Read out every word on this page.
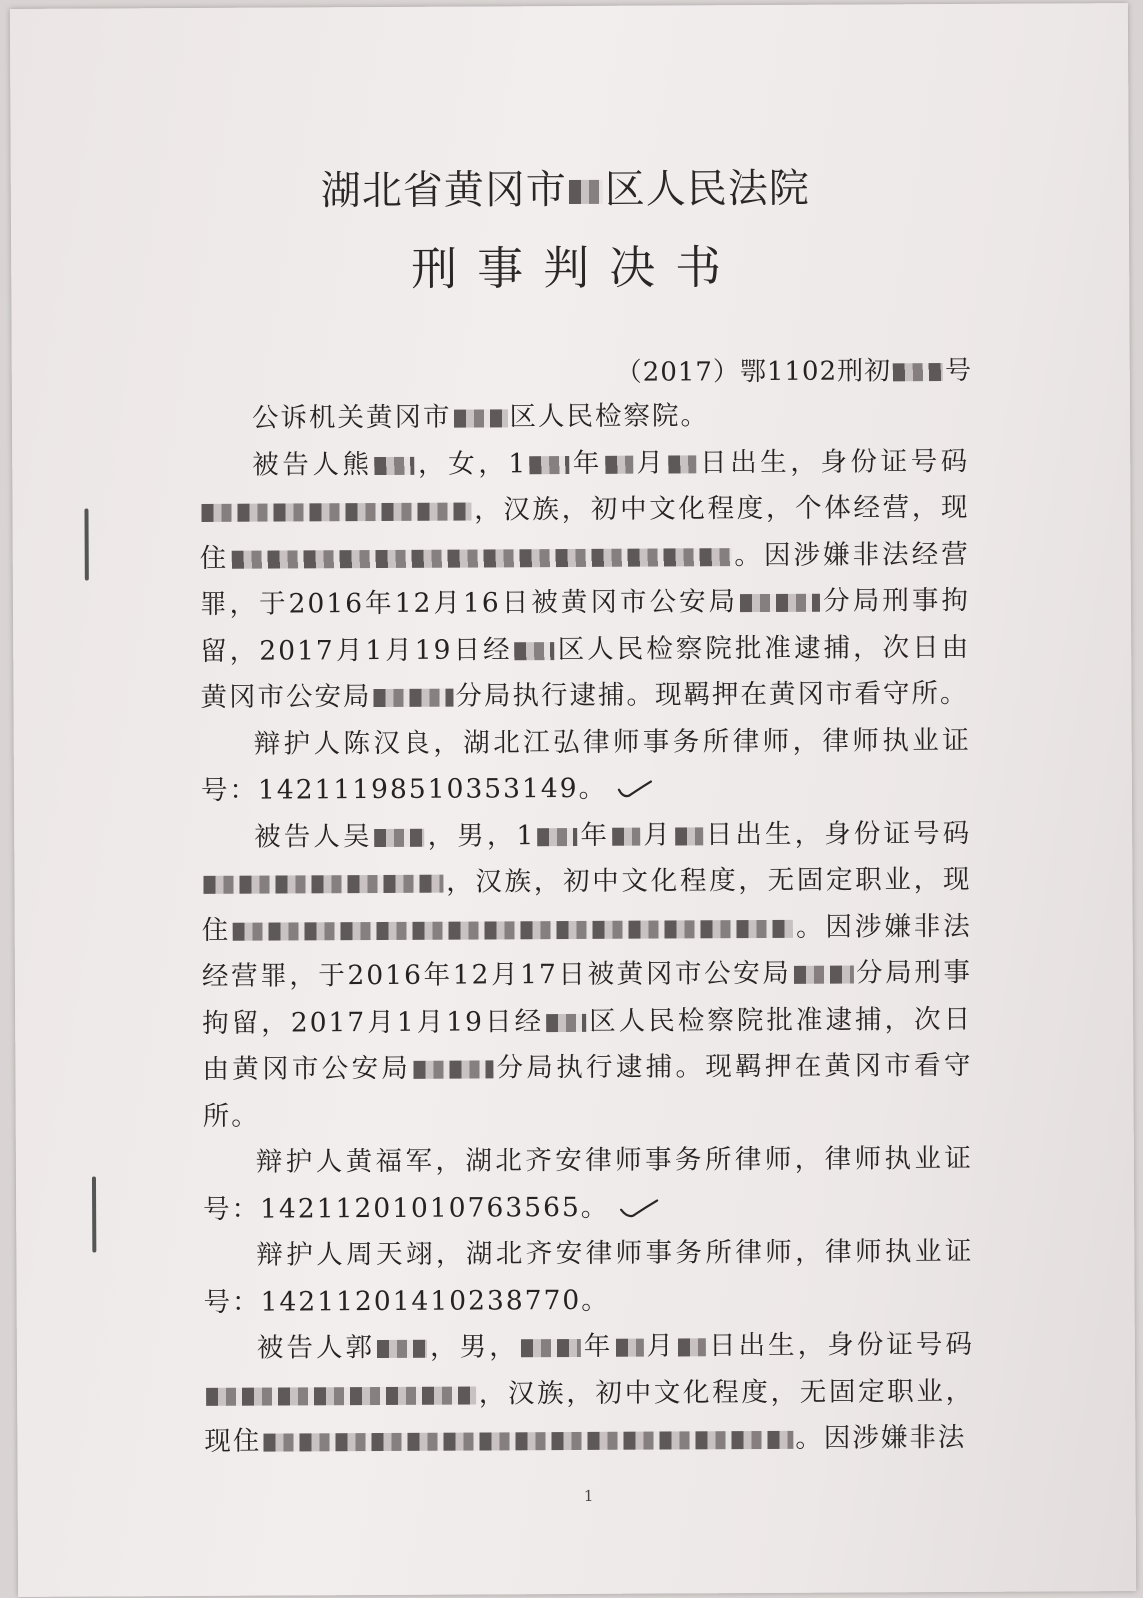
湖北省黄冈市 区人民法院
刑事判决书
（2017）鄂1102刑初 号

公诉机关黄冈市 区人民检察院。

被告人熊 ，女，1 年 月 日出生，身份证号码，汉族，初中文化程度，个体经营，现住	。因涉嫌非法经营罪，于2016年12月16日被黄冈市公安局	分局刑事拘留，2017月1月19日经 区人民检察院批准逮捕，次日由黄冈市公安局	分局执行逮捕。现羁押在黄冈市看守所。

辩护人陈汉良，湖北江弘律师事务所律师，律师执业证号：14211198510353149。

被告人吴 ，男，1 年 月 日出生，身份证号码，汉族，初中文化程度，无固定职业，现住	。因涉嫌非法经营罪，于2016年12月17日被黄冈市公安局 分局刑事拘留，2017月1月19日经 区人民检察院批准逮捕，次日由黄冈市公安局	分局执行逮捕。现羁押在黄冈市看守所。

辩护人黄福军，湖北齐安律师事务所律师，律师执业证号：14211201010763565。

辩护人周天翊，湖北齐安律师事务所律师，律师执业证号：14211201410238770。

被告人郭 ，男， 年 月 日出生，身份证号码，汉族，初中文化程度，无固定职业，现住	。因涉嫌非法

1
